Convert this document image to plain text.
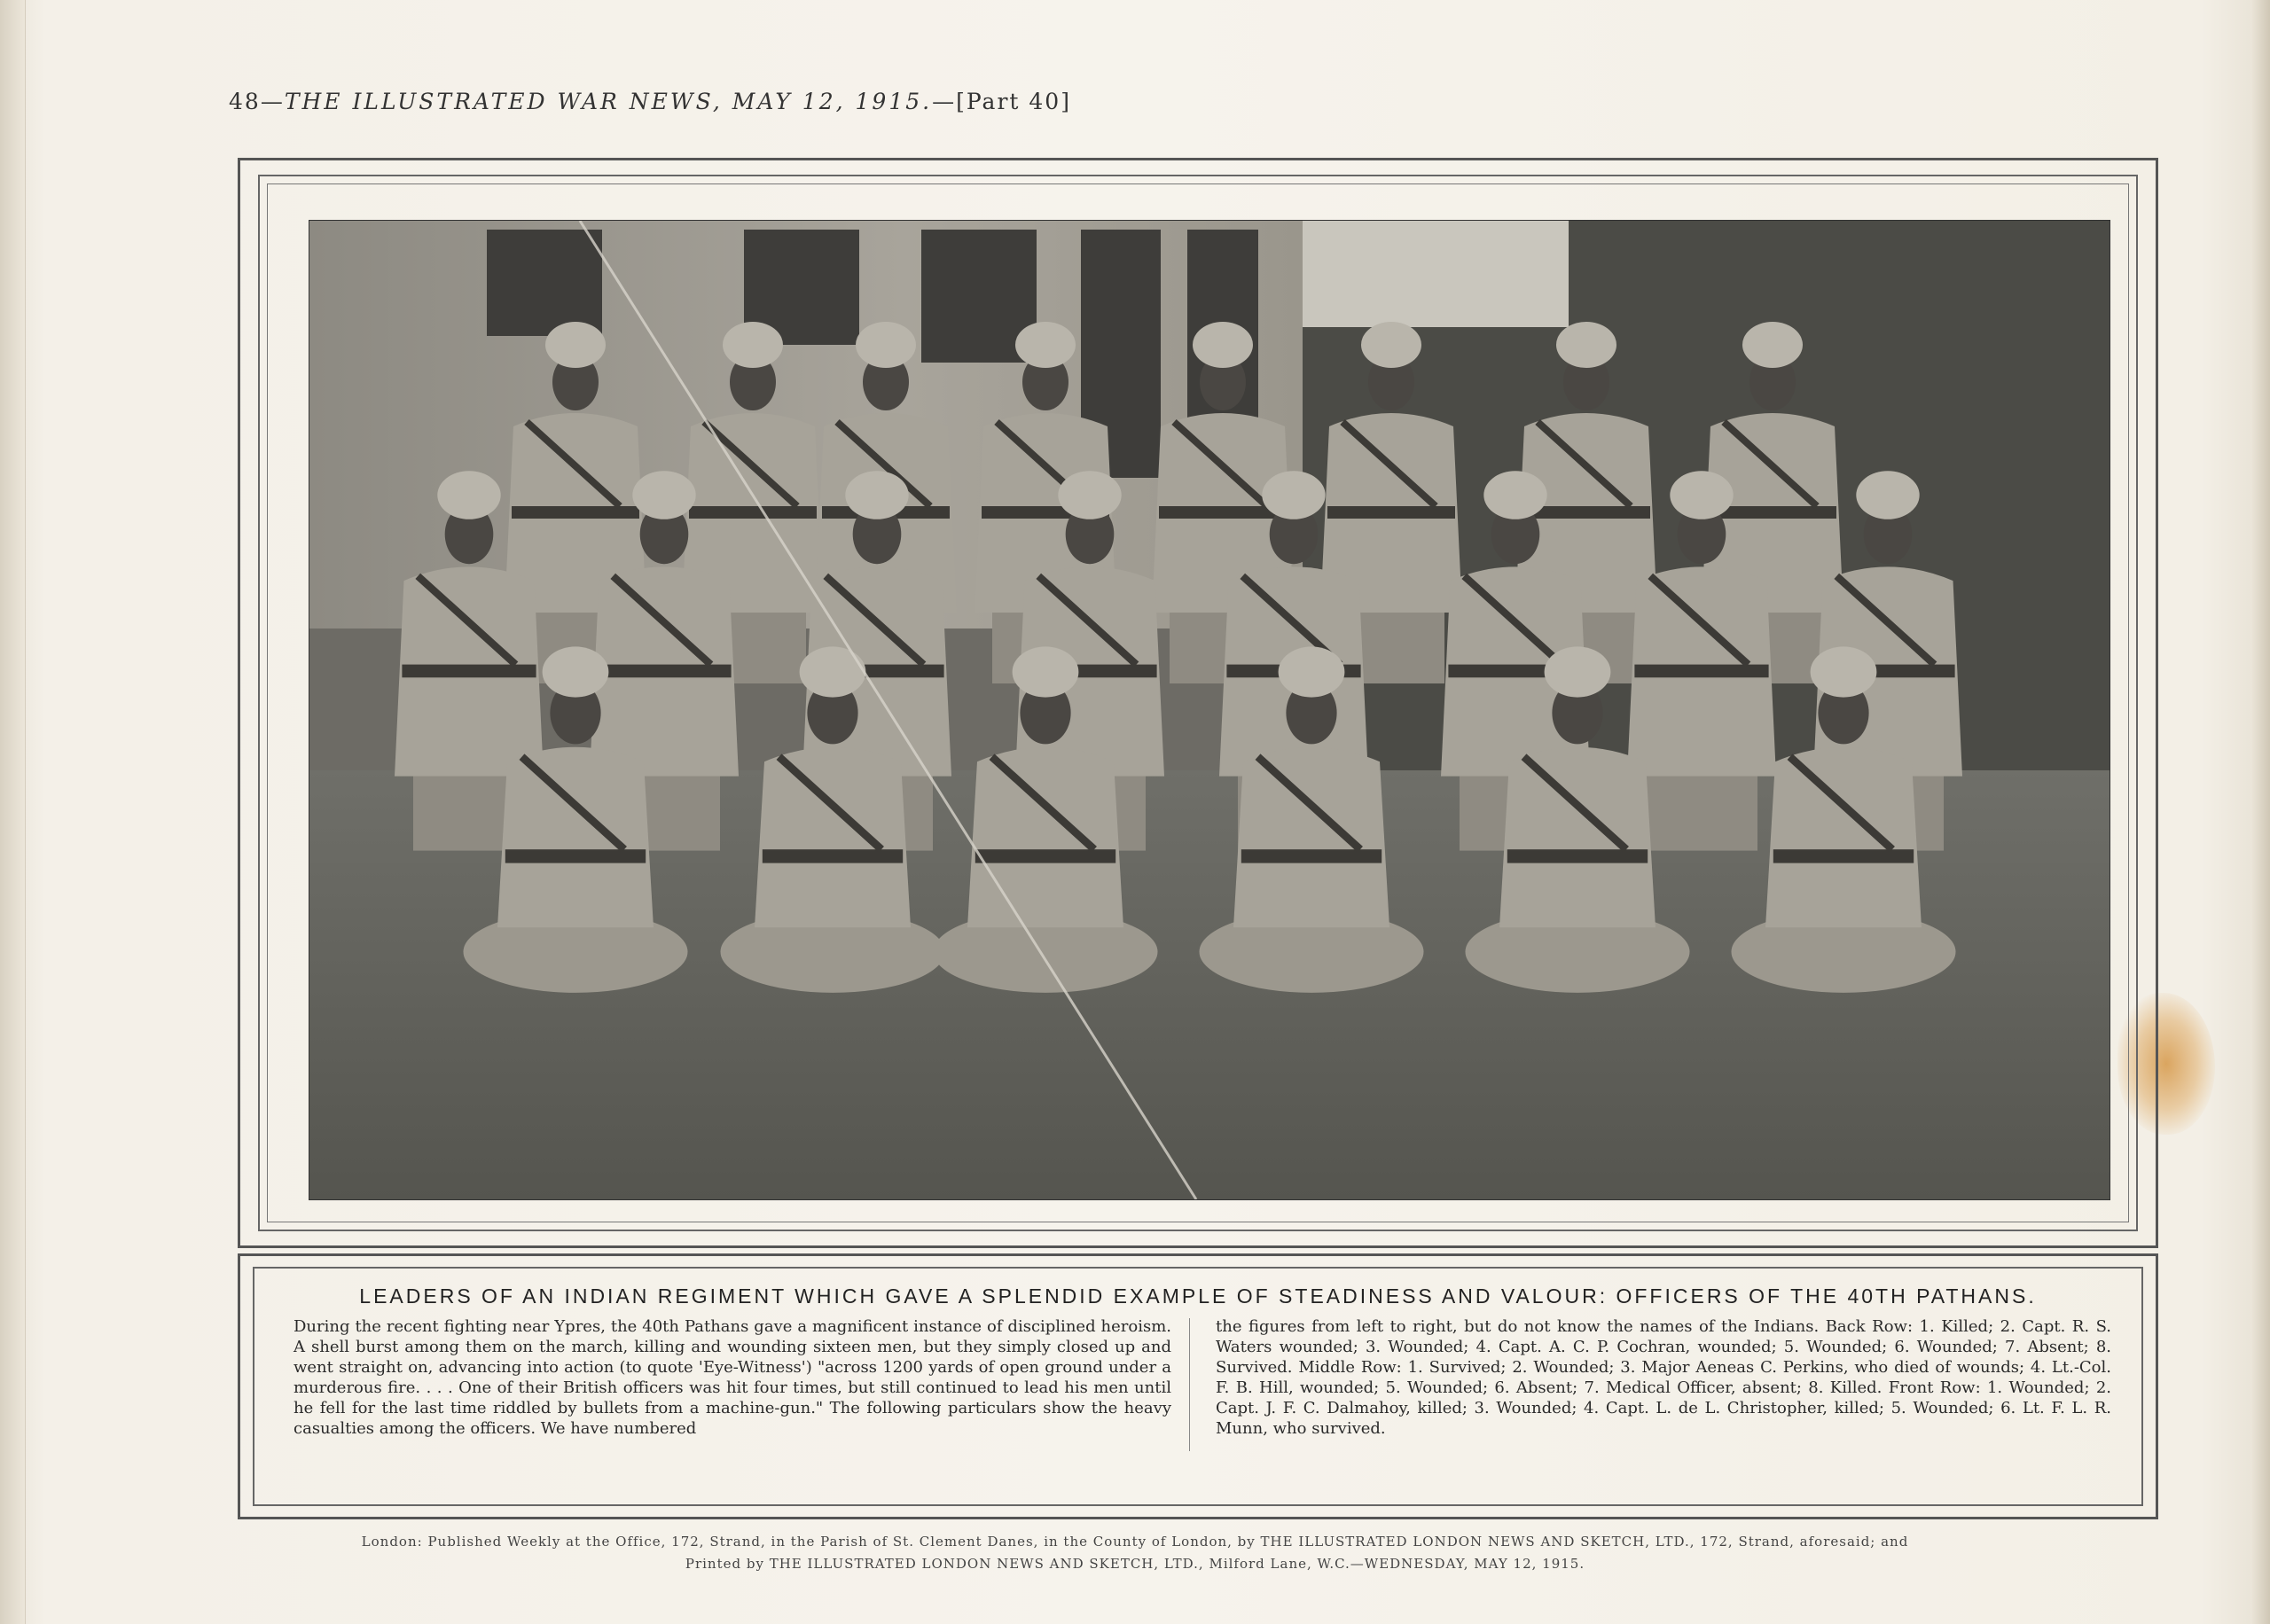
48—THE ILLUSTRATED WAR NEWS, MAY 12, 1915.—[Part 40]
LEADERS OF AN INDIAN REGIMENT WHICH GAVE A SPLENDID EXAMPLE OF STEADINESS AND VALOUR: OFFICERS OF THE 40TH PATHANS.
During the recent fighting near Ypres, the 40th Pathans gave a magnificent instance of disciplined heroism. A shell burst among them on the march, killing and wounding sixteen men, but they simply closed up and went straight on, advancing into action (to quote 'Eye-Witness') "across 1200 yards of open ground under a murderous fire. . . . One of their British officers was hit four times, but still continued to lead his men until he fell for the last time riddled by bullets from a machine-gun." The following particulars show the heavy casualties among the officers. We have numbered
the figures from left to right, but do not know the names of the Indians. Back Row: 1. Killed; 2. Capt. R. S. Waters wounded; 3. Wounded; 4. Capt. A. C. P. Cochran, wounded; 5. Wounded; 6. Wounded; 7. Absent; 8. Survived. Middle Row: 1. Survived; 2. Wounded; 3. Major Aeneas C. Perkins, who died of wounds; 4. Lt.-Col. F. B. Hill, wounded; 5. Wounded; 6. Absent; 7. Medical Officer, absent; 8. Killed. Front Row: 1. Wounded; 2. Capt. J. F. C. Dalmahoy, killed; 3. Wounded; 4. Capt. L. de L. Christopher, killed; 5. Wounded; 6. Lt. F. L. R. Munn, who survived.
London: Published Weekly at the Office, 172, Strand, in the Parish of St. Clement Danes, in the County of London, by THE ILLUSTRATED LONDON NEWS AND SKETCH, LTD., 172, Strand, aforesaid; and
Printed by THE ILLUSTRATED LONDON NEWS AND SKETCH, LTD., Milford Lane, W.C.—WEDNESDAY, MAY 12, 1915.
